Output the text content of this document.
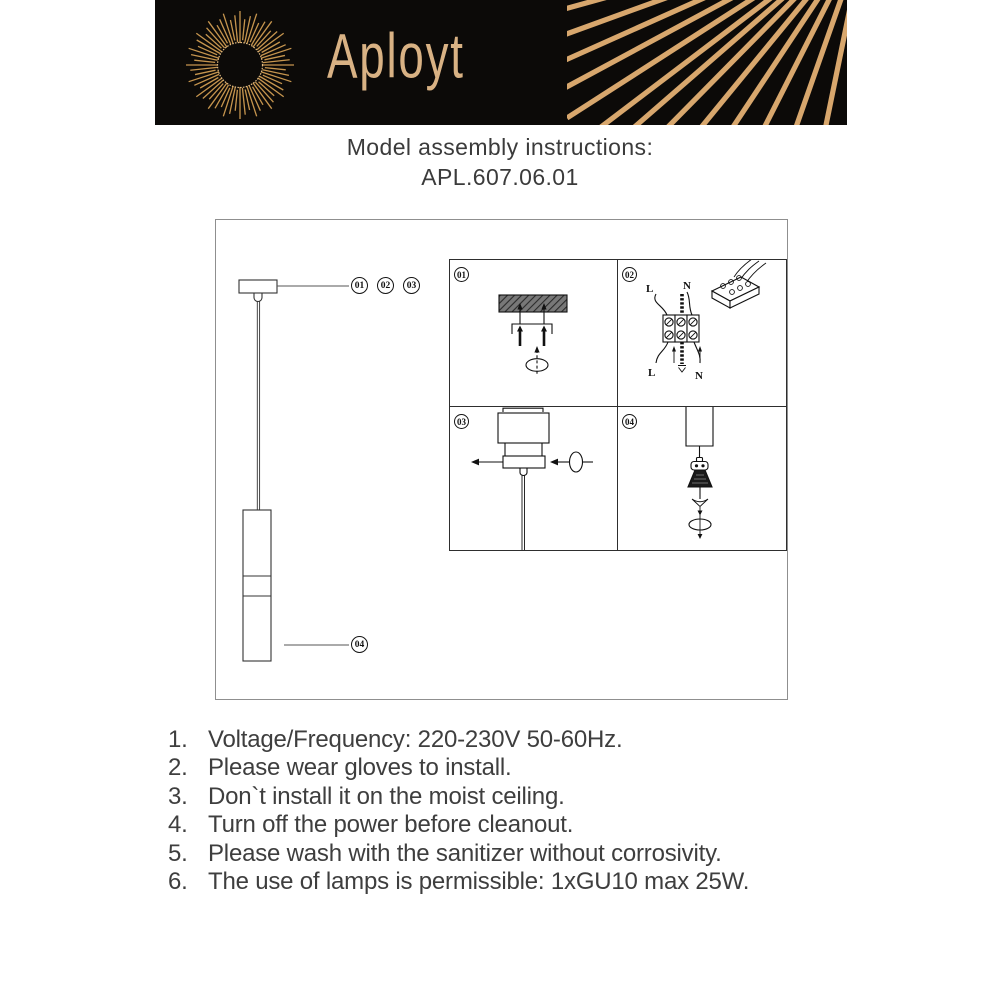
Aployt
Model assembly instructions:
APL.607.06.01
01	02	03
04
01
L	N
L	N
02
03	04
1. Voltage/Frequency: 220-230V 50-60Hz.
2. Please wear gloves to install.
3. Don`t install it on the moist ceiling.
4. Turn off the power before cleanout.
5. Please wash with the sanitizer without corrosivity.
6. The use of lamps is permissible: 1xGU10 max 25W.
